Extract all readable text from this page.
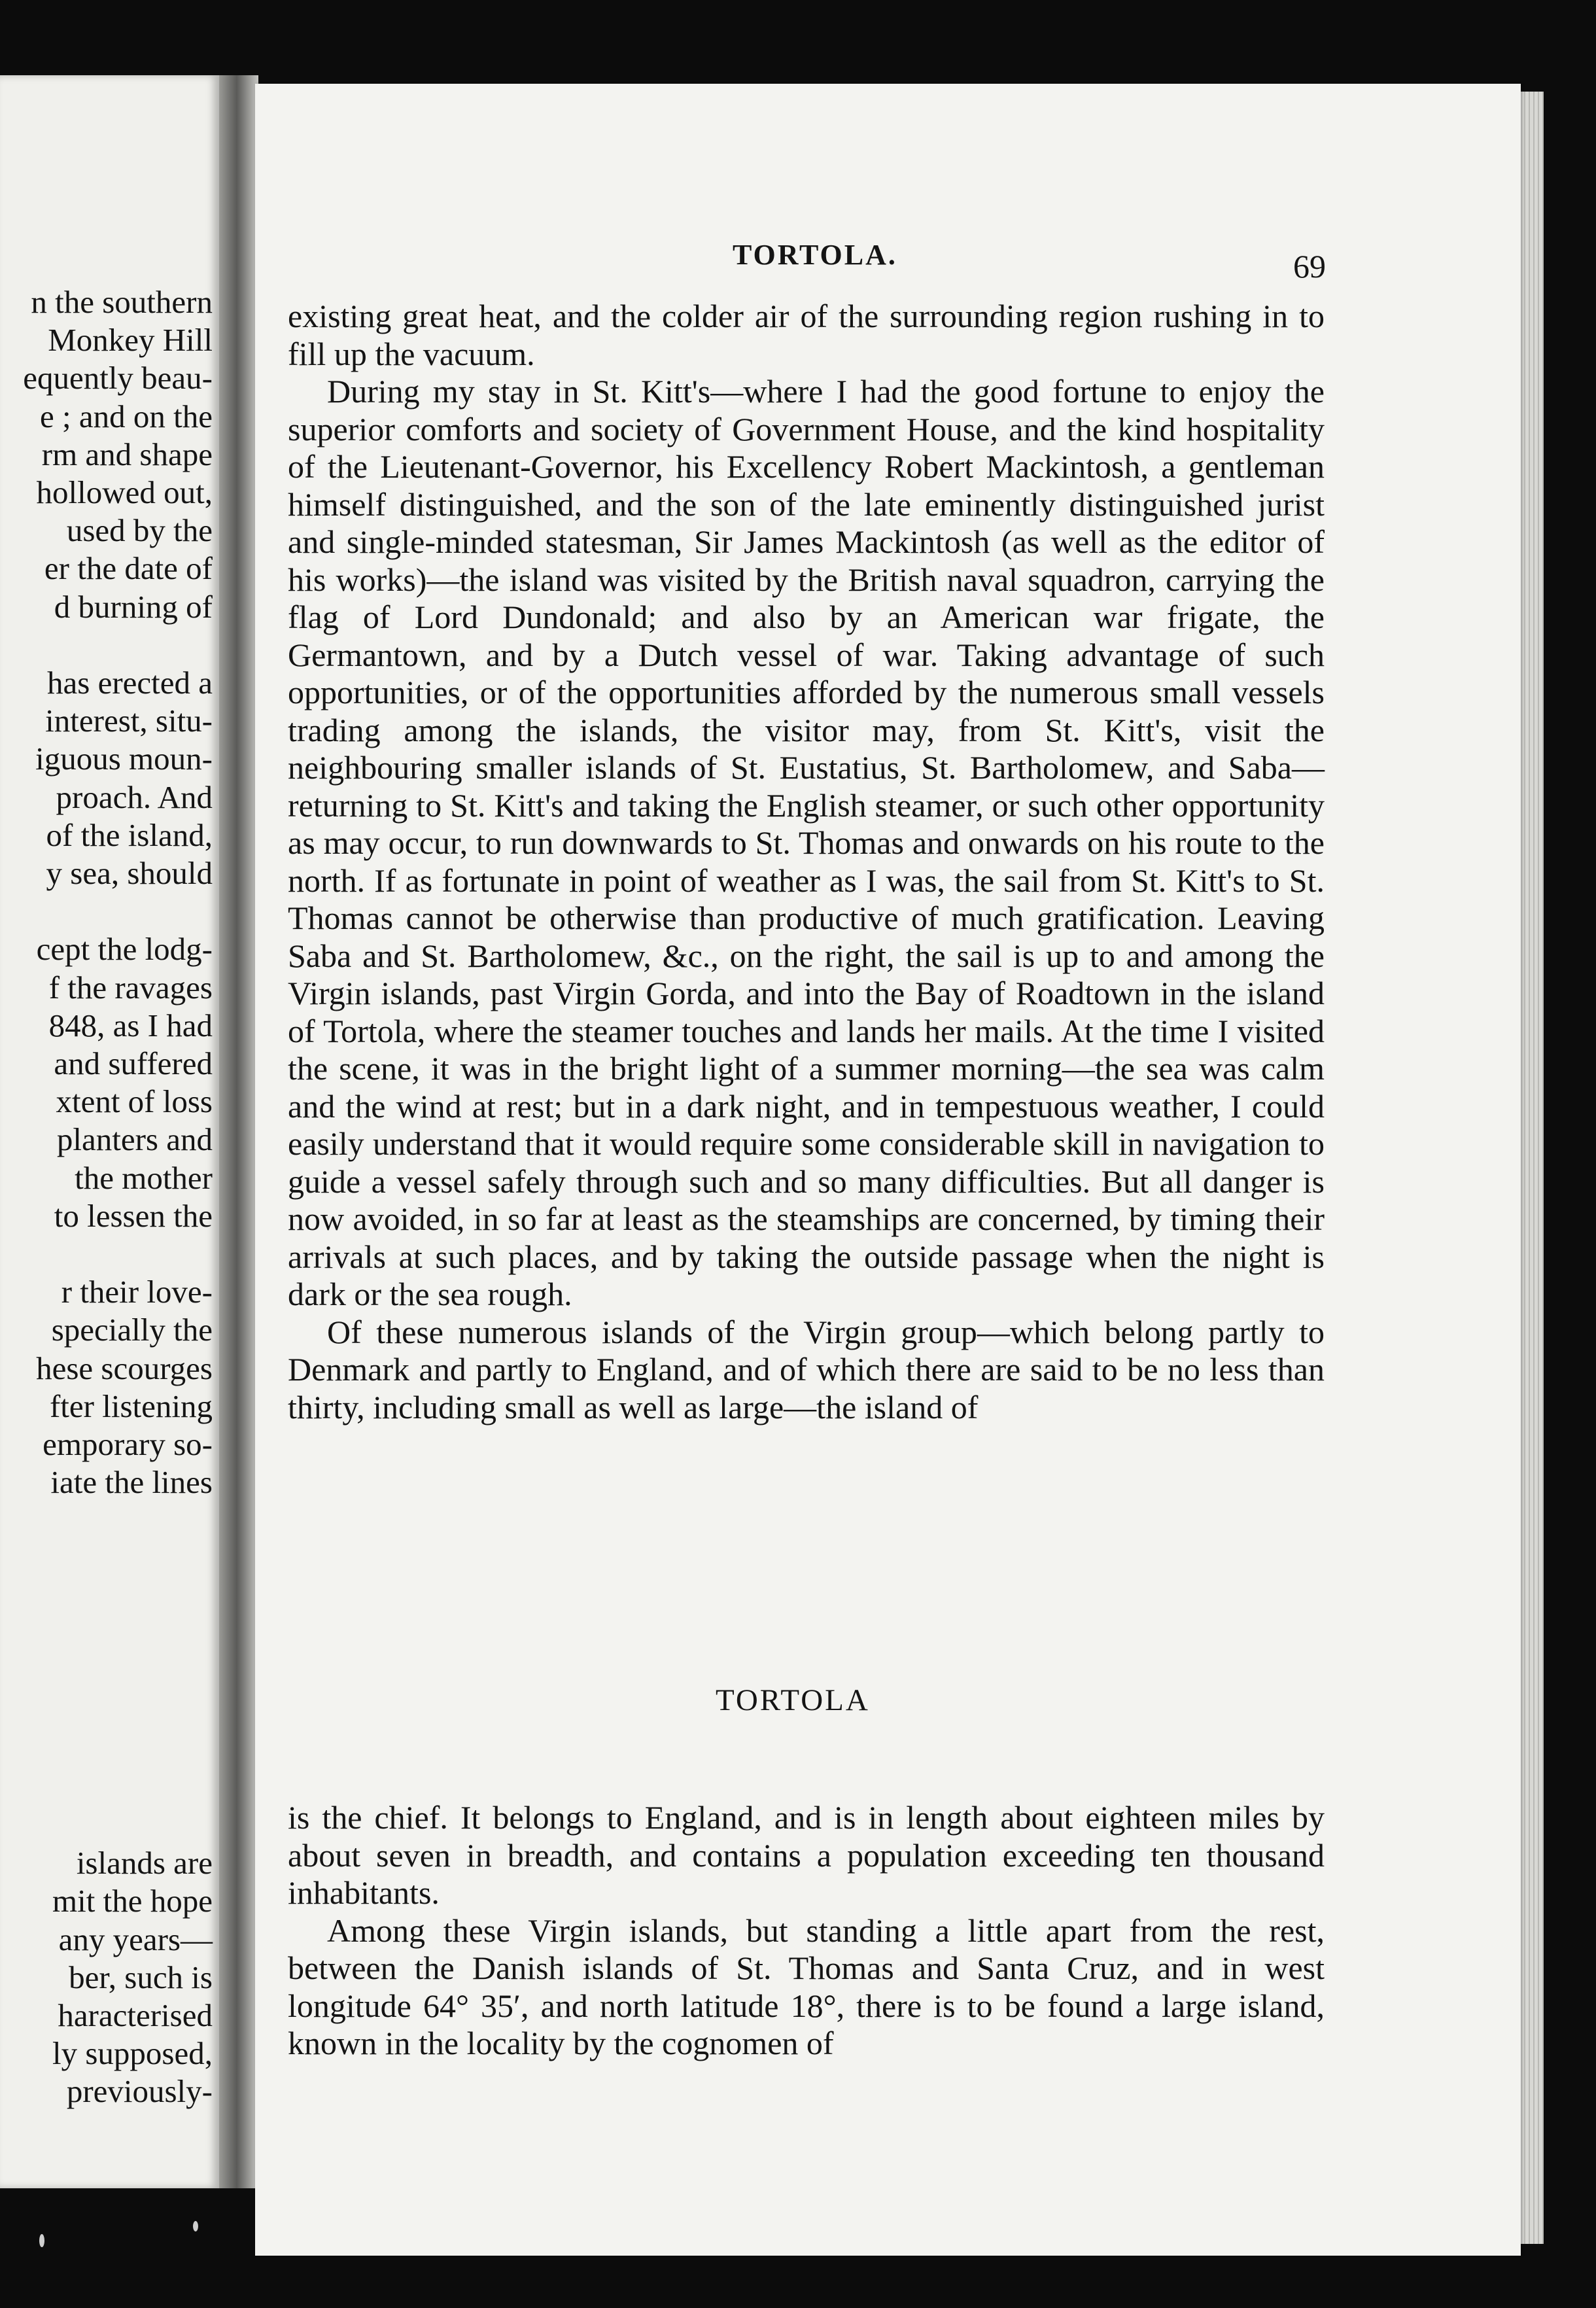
n the southern
Monkey Hill
equently beau-
e ; and on the
rm and shape
hollowed out,
used by the
er the date of
d burning of
has erected a
interest, situ-
iguous moun-
proach. And
of the island,
y sea, should
cept the lodg-
f the ravages
848, as I had
and suffered
xtent of loss
planters and
the mother
to lessen the
r their love-
specially the
hese scourges
fter listening
emporary so-
iate the lines
islands are
mit the hope
any years—
ber, such is
haracterised
ly supposed,
previously-
TORTOLA.	69

existing great heat, and the colder air of the surrounding region rushing in to fill up the vacuum.

During my stay in St. Kitt's—where I had the good fortune to enjoy the superior comforts and society of Government House, and the kind hospitality of the Lieutenant-Governor, his Excellency Robert Mackintosh, a gentleman himself distinguished, and the son of the late eminently distinguished jurist and single-minded statesman, Sir James Mackintosh (as well as the editor of his works)—the island was visited by the British naval squadron, carrying the flag of Lord Dundonald; and also by an American war frigate, the Germantown, and by a Dutch vessel of war. Taking advantage of such opportunities, or of the opportunities afforded by the numerous small vessels trading among the islands, the visitor may, from St. Kitt's, visit the neighbouring smaller islands of St. Eustatius, St. Bartholomew, and Saba—returning to St. Kitt's and taking the English steamer, or such other opportunity as may occur, to run downwards to St. Thomas and onwards on his route to the north. If as fortunate in point of weather as I was, the sail from St. Kitt's to St. Thomas cannot be otherwise than productive of much gratification. Leaving Saba and St. Bartholomew, &c., on the right, the sail is up to and among the Virgin islands, past Virgin Gorda, and into the Bay of Roadtown in the island of Tortola, where the steamer touches and lands her mails. At the time I visited the scene, it was in the bright light of a summer morning—the sea was calm and the wind at rest; but in a dark night, and in tempestuous weather, I could easily understand that it would require some considerable skill in navigation to guide a vessel safely through such and so many difficulties. But all danger is now avoided, in so far at least as the steamships are concerned, by timing their arrivals at such places, and by taking the outside passage when the night is dark or the sea rough.

Of these numerous islands of the Virgin group—which belong partly to Denmark and partly to England, and of which there are said to be no less than thirty, including small as well as large—the island of

TORTOLA

is the chief. It belongs to England, and is in length about eighteen miles by about seven in breadth, and contains a population exceeding ten thousand inhabitants.

Among these Virgin islands, but standing a little apart from the rest, between the Danish islands of St. Thomas and Santa Cruz, and in west longitude 64° 35′, and north latitude 18°, there is to be found a large island, known in the locality by the cognomen of
